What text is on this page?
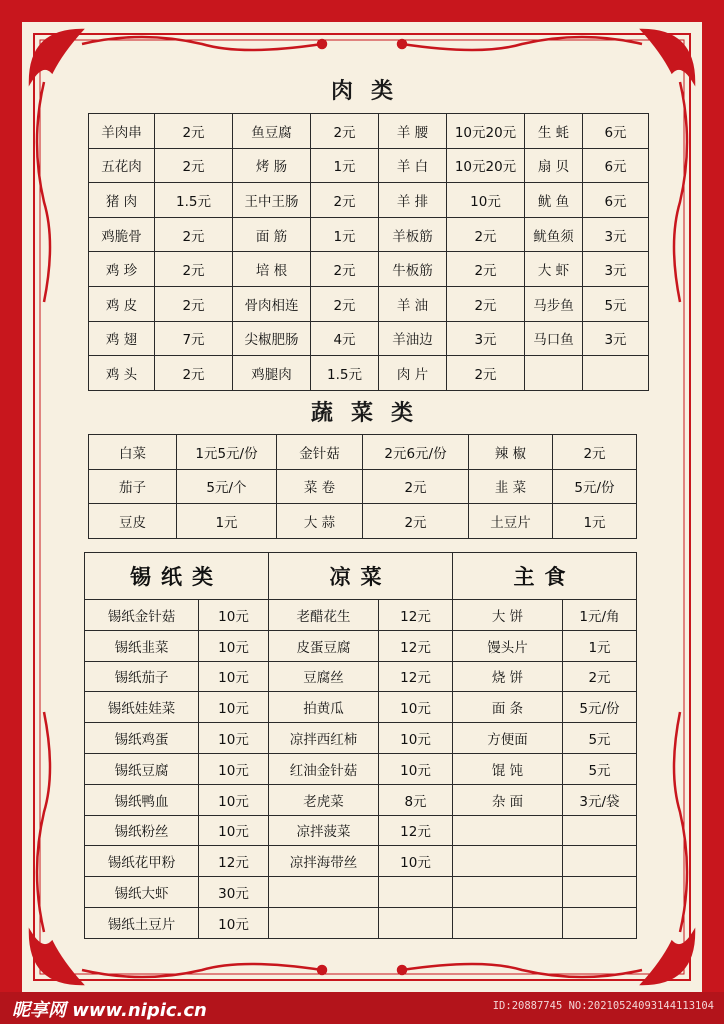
肉类
羊肉串	2元	鱼豆腐	2元	羊 腰	10元20元	生 蚝	6元
五花肉	2元	烤 肠	1元	羊 白	10元20元	扇 贝	6元
猪 肉	1.5元	王中王肠	2元	羊 排	10元	鱿 鱼	6元
鸡脆骨	2元	面 筋	1元	羊板筋	2元	鱿鱼须	3元
鸡 珍	2元	培 根	2元	牛板筋	2元	大 虾	3元
鸡 皮	2元	骨肉相连	2元	羊 油	2元	马步鱼	5元
鸡 翅	7元	尖椒肥肠	4元	羊油边	3元	马口鱼	3元
鸡 头	2元	鸡腿肉	1.5元	肉 片	2元		
蔬菜类
白菜	1元5元/份	金针菇	2元6元/份	辣 椒	2元
茄子	5元/个	菜 卷	2元	韭 菜	5元/份
豆皮	1元	大 蒜	2元	土豆片	1元
锡纸类		凉菜		主食	
锡纸金针菇	10元	老醋花生	12元	大 饼	1元/角
锡纸韭菜	10元	皮蛋豆腐	12元	馒头片	1元
锡纸茄子	10元	豆腐丝	12元	烧 饼	2元
锡纸娃娃菜	10元	拍黄瓜	10元	面 条	5元/份
锡纸鸡蛋	10元	凉拌西红柿	10元	方便面	5元
锡纸豆腐	10元	红油金针菇	10元	馄 饨	5元
锡纸鸭血	10元	老虎菜	8元	杂 面	3元/袋
锡纸粉丝	10元	凉拌菠菜	12元		
锡纸花甲粉	12元	凉拌海带丝	10元		
锡纸大虾	30元				
锡纸土豆片	10元				
昵享网 www.nipic.cn	ID:20887745 NO:20210524093144113104
